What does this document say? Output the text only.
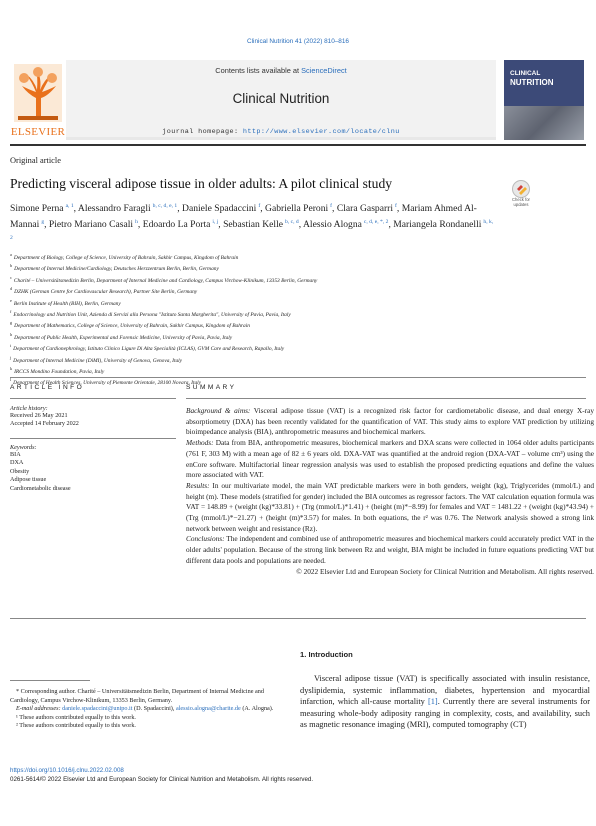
Clinical Nutrition 41 (2022) 810–816
ELSEVIER
Contents lists available at ScienceDirect
Clinical Nutrition
journal homepage: http://www.elsevier.com/locate/clnu
CLINICAL
NUTRITION
Original article
Predicting visceral adipose tissue in older adults: A pilot clinical study
Check for updates
Simone Perna $^{a, 1}$, Alessandro Faragli $^{b, c, d, e, 1}$, Daniele Spadaccini $^f$, Gabriella Peroni $^f$, Clara Gasparri $^f$, Mariam Ahmed Al-Mannai $^g$, Pietro Mariano Casali $^h$, Edoardo La Porta $^{i, j}$, Sebastian Kelle $^{b, c, d}$, Alessio Alogna $^{c, d, e, *, 2}$, Mariangela Rondanelli $^{h, k, 2}$
$^a$Department of Biology, College of Science, University of Bahrain, Sakhir Campus, Kingdom of Bahrain
$^b$Department of Internal Medicine/Cardiology, Deutsches Herzzentrum Berlin, Berlin, Germany
$^c$Charité – Universitätsmedizin Berlin, Department of Internal Medicine and Cardiology, Campus Virchow-Klinikum, 13353 Berlin, Germany
$^d$DZHK (German Centre for Cardiovascular Research), Partner Site Berlin, Germany
$^e$Berlin Institute of Health (BIH), Berlin, Germany
$^f$Endocrinology and Nutrition Unit, Azienda di Servizi alla Persona "Istituto Santa Margherita", University of Pavia, Pavia, Italy
$^g$Department of Mathematics, College of Science, University of Bahrain, Sakhir Campus, Kingdom of Bahrain
$^h$Department of Public Health, Experimental and Forensic Medicine, University of Pavia, Pavia, Italy
$^i$Department of Cardionephrology, Istituto Clinico Ligure Di Alta Specialità (ICLAS), GVM Care and Research, Rapallo, Italy
$^j$Department of Internal Medicine (DiMI), University of Genova, Genova, Italy
$^k$IRCCS Mondino Foundation, Pavia, Italy
$^l$Department of Health Sciences, University of Piemonte Orientale, 28100 Novara, Italy
ARTICLE INFO	SUMMARY
Article history:
Received 26 May 2021
Accepted 14 February 2022
Keywords:
BIA
DXA
Obesity
Adipose tissue
Cardiometabolic disease

Background & aims: Visceral adipose tissue (VAT) is a recognized risk factor for cardiometabolic disease, and dual energy X-ray absorptiometry (DXA) has been recently validated for the quantification of VAT. This study aims to explore VAT prediction by utilizing bioimpedance analysis (BIA), anthropometric measures and biochemical markers.

Methods: Data from BIA, anthropometric measures, biochemical markers and DXA scans were collected in 1064 older adults participants (761 F, 303 M) with a mean age of 82 ± 6 years old. DXA-VAT was quantified at the android region (DXA-VAT – volume cm³) using the enCore software. Multifactorial linear regression analysis was used to establish the proposed predicting equations and define the values more associated with VAT.

Results: In our multivariate model, the main VAT predictable markers were in both genders, weight (kg), Triglycerides (mmol/L) and height (m). These models (stratified for gender) included the BIA outcomes as regressor factors. The VAT calculation equation formula was VAT = 148.89 + (weight (kg)*33.81) + (Trg (mmol/L)*1.41) + (height (m)*−8.99) for females and VAT = 1481.22 + (weight (kg)*43.94) + (Trg (mmol/L)*−21.27) + (height (m)*3.57) for males. In both equations, the r² was 0.76. The Network analysis showed a strong link network between weight and resistance (Rz).

Conclusions: The independent and combined use of anthropometric measures and biochemical markers could accurately predict VAT in the older adults' population. Because of the strong link between Rz and weight, BIA might be included in future equations predicting VAT but different data pools and populations are needed.

© 2022 Elsevier Ltd and European Society for Clinical Nutrition and Metabolism. All rights reserved.

1. Introduction
Visceral adipose tissue (VAT) is specifically associated with insulin resistance, dyslipidemia, systemic inflammation, diabetes, hypertension and myocardial infarction, which all-cause mortality [1]. Currently there are several instruments for measuring whole-body adiposity ranging in complexity, costs, and availability, such as magnetic resonance imaging (MRI), computed tomography (CT)

* Corresponding author. Charité – Universitätsmedizin Berlin, Department of Internal Medicine and Cardiology, Campus Virchow-Klinikum, 13353 Berlin, Germany.

E-mail addresses: daniele.spadaccini@unipo.it (D. Spadaccini), alessio.alogna@charite.de (A. Alogna).

¹ These authors contributed equally to this work.

² These authors contributed equally to this work.

https://doi.org/10.1016/j.clnu.2022.02.008
0261-5614/© 2022 Elsevier Ltd and European Society for Clinical Nutrition and Metabolism. All rights reserved.
